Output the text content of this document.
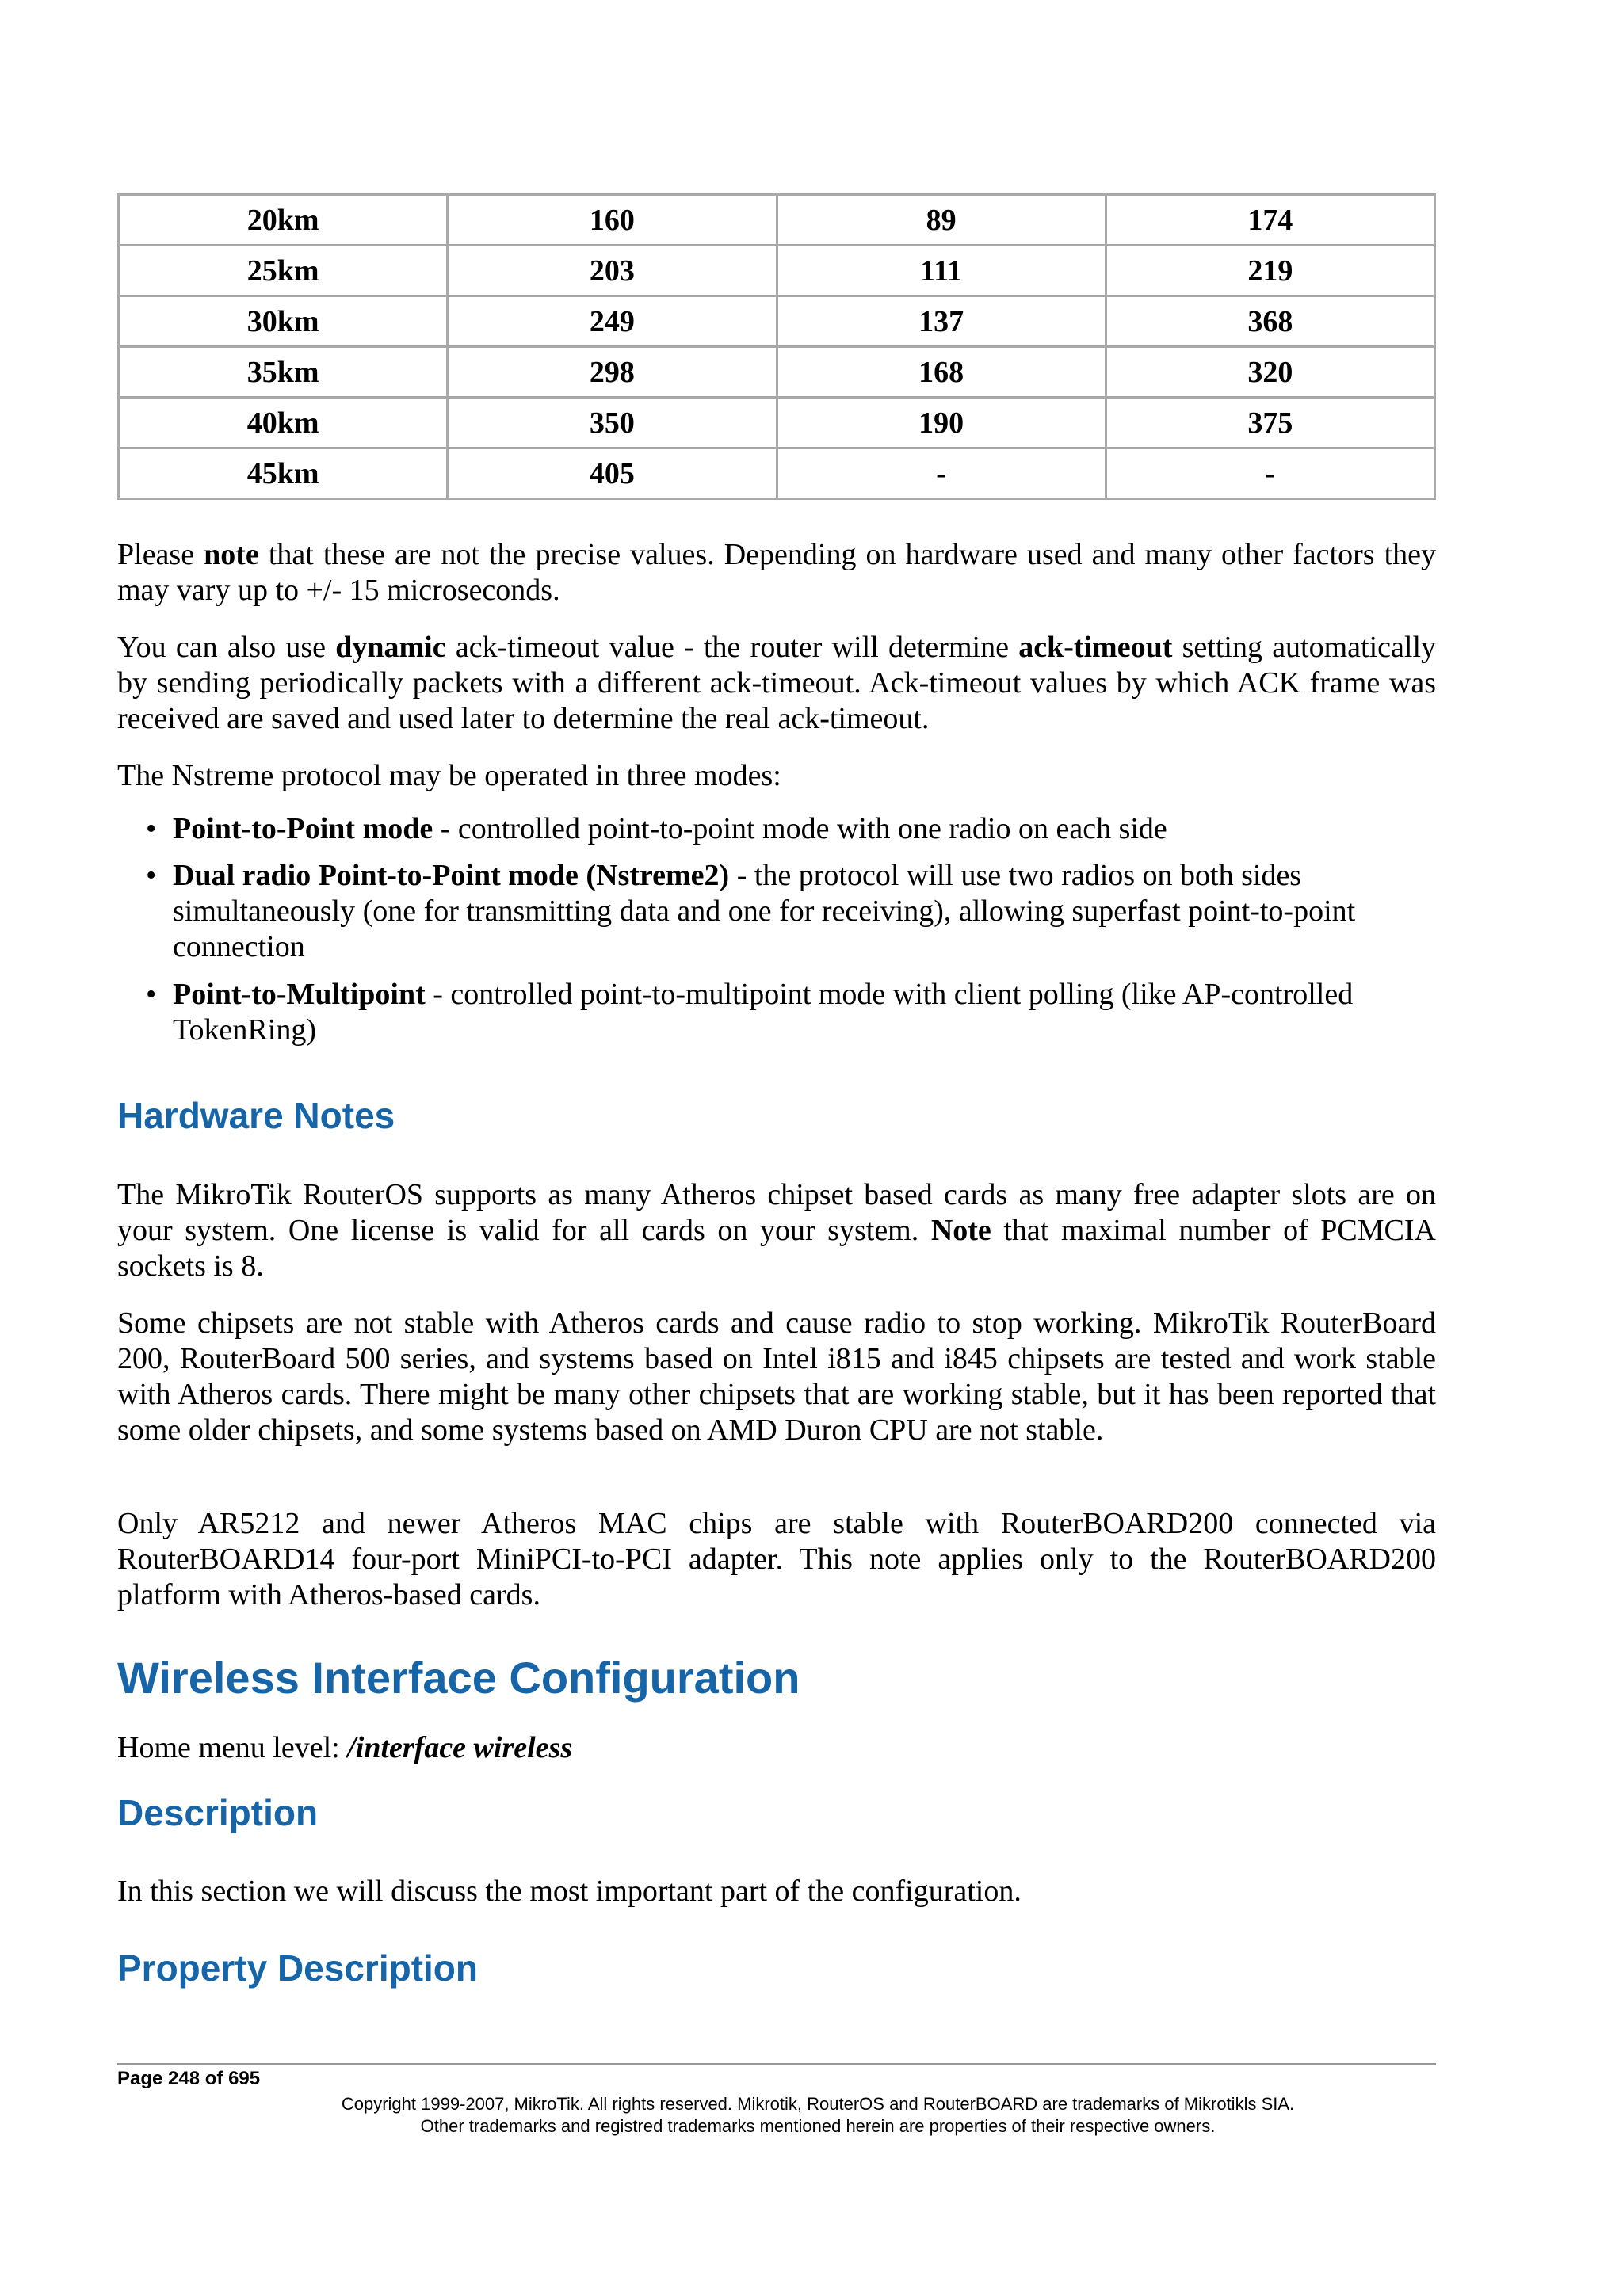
20km	160	89	174
25km	203	111	219
30km	249	137	368
35km	298	168	320
40km	350	190	375
45km	405	-	-

Please note that these are not the precise values. Depending on hardware used and many other factors they may vary up to +/- 15 microseconds.

You can also use dynamic ack-timeout value - the router will determine ack-timeout setting automatically by sending periodically packets with a different ack-timeout. Ack-timeout values by which ACK frame was received are saved and used later to determine the real ack-timeout.

The Nstreme protocol may be operated in three modes:

• Point-to-Point mode - controlled point-to-point mode with one radio on each side

• Dual radio Point-to-Point mode (Nstreme2) - the protocol will use two radios on both sides simultaneously (one for transmitting data and one for receiving), allowing superfast point-to-point connection

• Point-to-Multipoint - controlled point-to-multipoint mode with client polling (like AP-controlled TokenRing)

Hardware Notes

The MikroTik RouterOS supports as many Atheros chipset based cards as many free adapter slots are on your system. One license is valid for all cards on your system. Note that maximal number of PCMCIA sockets is 8.

Some chipsets are not stable with Atheros cards and cause radio to stop working. MikroTik RouterBoard 200, RouterBoard 500 series, and systems based on Intel i815 and i845 chipsets are tested and work stable with Atheros cards. There might be many other chipsets that are working stable, but it has been reported that some older chipsets, and some systems based on AMD Duron CPU are not stable.

Only AR5212 and newer Atheros MAC chips are stable with RouterBOARD200 connected via RouterBOARD14 four-port MiniPCI-to-PCI adapter. This note applies only to the RouterBOARD200 platform with Atheros-based cards.

Wireless Interface Configuration

Home menu level: /interface wireless

Description

In this section we will discuss the most important part of the configuration.

Property Description
Page 248 of 695
Copyright 1999-2007, MikroTik. All rights reserved. Mikrotik, RouterOS and RouterBOARD are trademarks of Mikrotikls SIA.
Other trademarks and registred trademarks mentioned herein are properties of their respective owners.
